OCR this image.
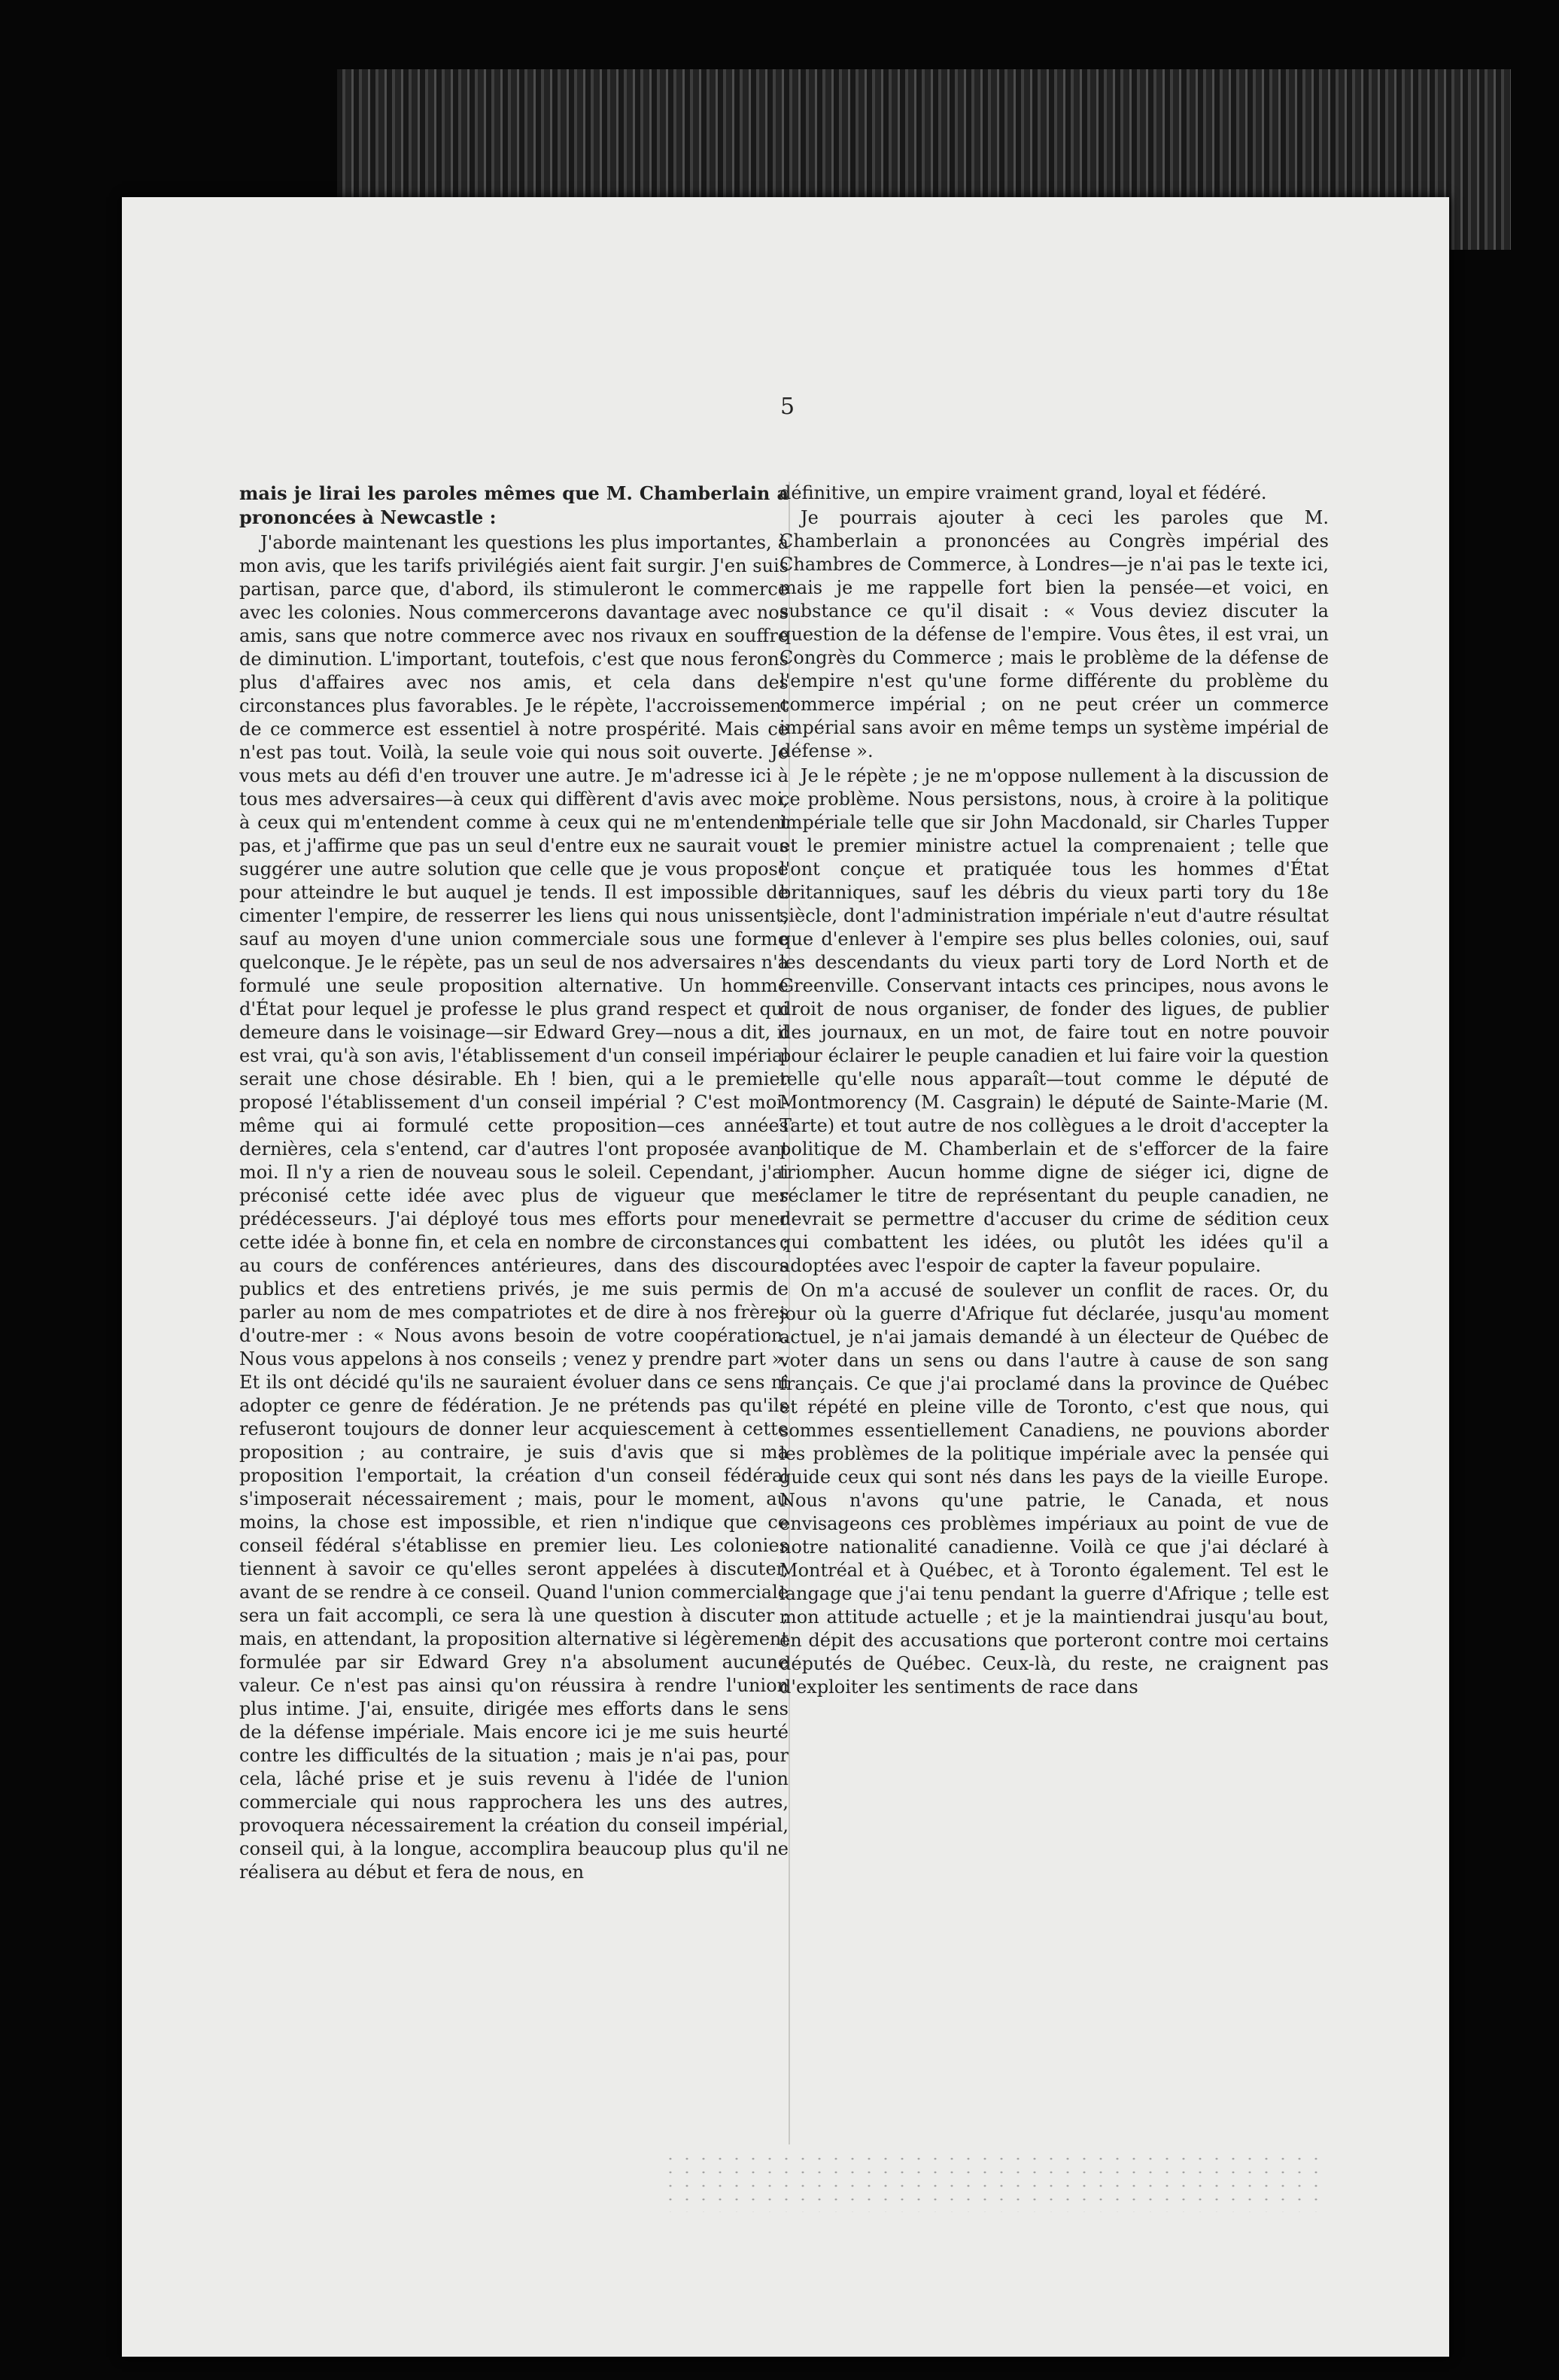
5

mais je lirai les paroles mêmes que M. Chamberlain a prononcées à Newcastle :

J'aborde maintenant les questions les plus importantes, à mon avis, que les tarifs privilégiés aient fait surgir. J'en suis partisan, parce que, d'abord, ils stimuleront le commerce avec les colonies. Nous commercerons davantage avec nos amis, sans que notre commerce avec nos rivaux en souffre de diminution. L'important, toutefois, c'est que nous ferons plus d'affaires avec nos amis, et cela dans des circonstances plus favorables. Je le répète, l'accroissement de ce commerce est essentiel à notre prospérité. Mais ce n'est pas tout. Voilà, la seule voie qui nous soit ouverte. Je vous mets au défi d'en trouver une autre. Je m'adresse ici à tous mes adversaires—à ceux qui diffèrent d'avis avec moi, à ceux qui m'entendent comme à ceux qui ne m'entendent pas, et j'affirme que pas un seul d'entre eux ne saurait vous suggérer une autre solution que celle que je vous propose pour atteindre le but auquel je tends. Il est impossible de cimenter l'empire, de resserrer les liens qui nous unissent, sauf au moyen d'une union commerciale sous une forme quelconque. Je le répète, pas un seul de nos adversaires n'a formulé une seule proposition alternative. Un homme d'État pour lequel je professe le plus grand respect et qui demeure dans le voisinage—sir Edward Grey—nous a dit, il est vrai, qu'à son avis, l'établissement d'un conseil impérial serait une chose désirable. Eh ! bien, qui a le premier proposé l'établissement d'un conseil impérial ? C'est moi-même qui ai formulé cette proposition—ces années dernières, cela s'entend, car d'autres l'ont proposée avant moi. Il n'y a rien de nouveau sous le soleil. Cependant, j'ai préconisé cette idée avec plus de vigueur que mes prédécesseurs. J'ai déployé tous mes efforts pour mener cette idée à bonne fin, et cela en nombre de circonstances ; au cours de conférences antérieures, dans des discours publics et des entretiens privés, je me suis permis de parler au nom de mes compatriotes et de dire à nos frères d'outre-mer : « Nous avons besoin de votre coopération. Nous vous appelons à nos conseils ; venez y prendre part ». Et ils ont décidé qu'ils ne sauraient évoluer dans ce sens ni adopter ce genre de fédération. Je ne prétends pas qu'ils refuseront toujours de donner leur acquiescement à cette proposition ; au contraire, je suis d'avis que si ma proposition l'emportait, la création d'un conseil fédéral s'imposerait nécessairement ; mais, pour le moment, au moins, la chose est impossible, et rien n'indique que ce conseil fédéral s'établisse en premier lieu. Les colonies tiennent à savoir ce qu'elles seront appelées à discuter, avant de se rendre à ce conseil. Quand l'union commerciale sera un fait accompli, ce sera là une question à discuter ; mais, en attendant, la proposition alternative si légèrement formulée par sir Edward Grey n'a absolument aucune valeur. Ce n'est pas ainsi qu'on réussira à rendre l'union plus intime. J'ai, ensuite, dirigée mes efforts dans le sens de la défense impériale. Mais encore ici je me suis heurté contre les difficultés de la situation ; mais je n'ai pas, pour cela, lâché prise et je suis revenu à l'idée de l'union commerciale qui nous rapprochera les uns des autres, provoquera nécessairement la création du conseil impérial, conseil qui, à la longue, accomplira beaucoup plus qu'il ne réalisera au début et fera de nous, en

définitive, un empire vraiment grand, loyal et fédéré.

Je pourrais ajouter à ceci les paroles que M. Chamberlain a prononcées au Congrès impérial des Chambres de Commerce, à Londres—je n'ai pas le texte ici, mais je me rappelle fort bien la pensée—et voici, en substance ce qu'il disait : « Vous deviez discuter la question de la défense de l'empire. Vous êtes, il est vrai, un Congrès du Commerce ; mais le problème de la défense de l'empire n'est qu'une forme différente du problème du commerce impérial ; on ne peut créer un commerce impérial sans avoir en même temps un système impérial de défense ».

Je le répète ; je ne m'oppose nullement à la discussion de ce problème. Nous persistons, nous, à croire à la politique impériale telle que sir John Macdonald, sir Charles Tupper et le premier ministre actuel la comprenaient ; telle que l'ont conçue et pratiquée tous les hommes d'État britanniques, sauf les débris du vieux parti tory du 18e siècle, dont l'administration impériale n'eut d'autre résultat que d'enlever à l'empire ses plus belles colonies, oui, sauf les descendants du vieux parti tory de Lord North et de Greenville. Conservant intacts ces principes, nous avons le droit de nous organiser, de fonder des ligues, de publier des journaux, en un mot, de faire tout en notre pouvoir pour éclairer le peuple canadien et lui faire voir la question telle qu'elle nous apparaît—tout comme le député de Montmorency (M. Casgrain) le député de Sainte-Marie (M. Tarte) et tout autre de nos collègues a le droit d'accepter la politique de M. Chamberlain et de s'efforcer de la faire triompher. Aucun homme digne de siéger ici, digne de réclamer le titre de représentant du peuple canadien, ne devrait se permettre d'accuser du crime de sédition ceux qui combattent les idées, ou plutôt les idées qu'il a adoptées avec l'espoir de capter la faveur populaire.

On m'a accusé de soulever un conflit de races. Or, du jour où la guerre d'Afrique fut déclarée, jusqu'au moment actuel, je n'ai jamais demandé à un électeur de Québec de voter dans un sens ou dans l'autre à cause de son sang français. Ce que j'ai proclamé dans la province de Québec et répété en pleine ville de Toronto, c'est que nous, qui sommes essentiellement Canadiens, ne pouvions aborder les problèmes de la politique impériale avec la pensée qui guide ceux qui sont nés dans les pays de la vieille Europe. Nous n'avons qu'une patrie, le Canada, et nous envisageons ces problèmes impériaux au point de vue de notre nationalité canadienne. Voilà ce que j'ai déclaré à Montréal et à Québec, et à Toronto également. Tel est le langage que j'ai tenu pendant la guerre d'Afrique ; telle est mon attitude actuelle ; et je la maintiendrai jusqu'au bout, en dépit des accusations que porteront contre moi certains députés de Québec. Ceux-là, du reste, ne craignent pas d'exploiter les sentiments de race dans
